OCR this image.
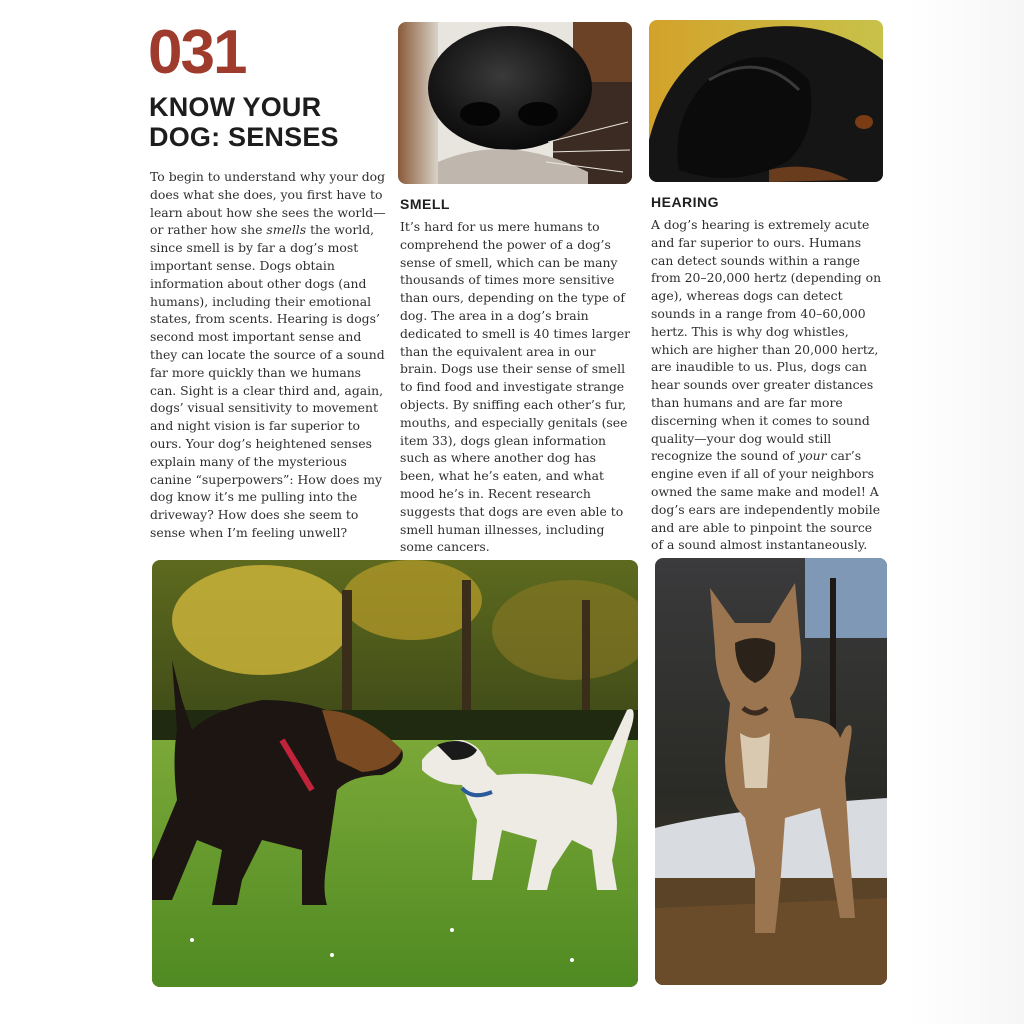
031
KNOW YOUR
DOG: SENSES
To begin to understand why your dog does what she does, you first have to learn about how she sees the world—or rather how she smells the world, since smell is by far a dog’s most important sense. Dogs obtain information about other dogs (and humans), including their emotional states, from scents. Hearing is dogs’ second most important sense and they can locate the source of a sound far more quickly than we humans can. Sight is a clear third and, again, dogs’ visual sensitivity to movement and night vision is far superior to ours. Your dog’s heightened senses explain many of the mysterious canine “superpowers”: How does my dog know it’s me pulling into the driveway? How does she seem to sense when I’m feeling unwell?
SMELL
It’s hard for us mere humans to comprehend the power of a dog’s sense of smell, which can be many thousands of times more sensitive than ours, depending on the type of dog. The area in a dog’s brain dedicated to smell is 40 times larger than the equivalent area in our brain. Dogs use their sense of smell to find food and investigate strange objects. By sniffing each other’s fur, mouths, and especially genitals (see item 33), dogs glean information such as where another dog has been, what he’s eaten, and what mood he’s in. Recent research suggests that dogs are even able to smell human illnesses, including some cancers.
HEARING
A dog’s hearing is extremely acute and far superior to ours. Humans can detect sounds within a range from 20–20,000 hertz (depending on age), whereas dogs can detect sounds in a range from 40–60,000 hertz. This is why dog whistles, which are higher than 20,000 hertz, are inaudible to us. Plus, dogs can hear sounds over greater distances than humans and are far more discerning when it comes to sound quality—your dog would still recognize the sound of your car’s engine even if all of your neighbors owned the same make and model! A dog’s ears are independently mobile and are able to pinpoint the source of a sound almost instantaneously.
